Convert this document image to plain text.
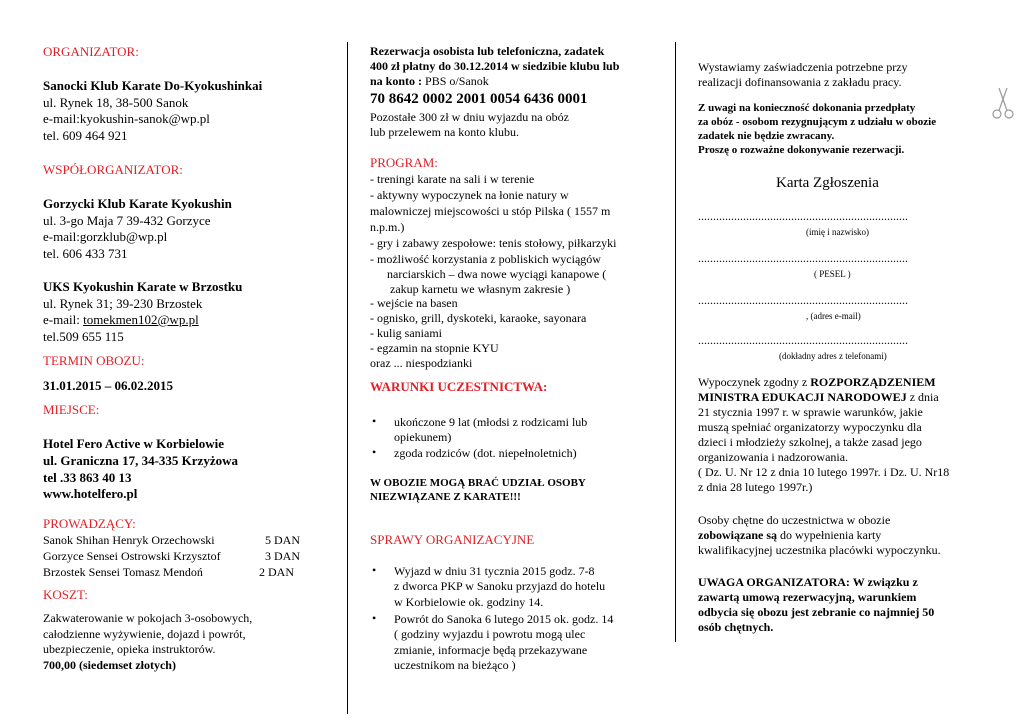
ORGANIZATOR:
Sanocki Klub Karate Do-Kyokushinkai
ul. Rynek 18, 38-500 Sanok
e-mail:kyokushin-sanok@wp.pl
tel. 609 464 921
WSPÓŁORGANIZATOR:
Gorzycki Klub Karate Kyokushin
ul. 3-go Maja 7 39-432 Gorzyce
e-mail:gorzklub@wp.pl
tel. 606 433 731
UKS Kyokushin Karate w Brzostku
ul. Rynek 31; 39-230 Brzostek
e-mail: tomekmen102@wp.pl
tel.509 655 115
TERMIN OBOZU:
31.01.2015 – 06.02.2015
MIEJSCE:
Hotel Fero Active w Korbielowie
ul. Graniczna 17, 34-335 Krzyżowa
tel .33 863 40 13
www.hotelfero.pl
PROWADZĄCY:
Sanok Shihan Henryk Orzechowski	5 DAN
Gorzyce Sensei Ostrowski Krzysztof	3 DAN
Brzostek Sensei Tomasz Mendoń	2 DAN
KOSZT:
Zakwaterowanie w pokojach 3-osobowych,
całodzienne wyżywienie, dojazd i powrót,
ubezpieczenie, opieka instruktorów.
700,00 (siedemset złotych)
Rezerwacja osobista lub telefoniczna, zadatek
400 zł płatny do 30.12.2014 w siedzibie klubu lub
na konto : PBS o/Sanok
70 8642 0002 2001 0054 6436 0001
Pozostałe 300 zł w dniu wyjazdu na obóz
lub przelewem na konto klubu.
PROGRAM:
- treningi karate na sali i w terenie
- aktywny wypoczynek na łonie natury w
malowniczej miejscowości u stóp Pilska ( 1557 m
n.p.m.)
- gry i zabawy zespołowe: tenis stołowy, piłkarzyki
- możliwość korzystania z pobliskich wyciągów
narciarskich – dwa nowe wyciągi kanapowe (
zakup karnetu we własnym zakresie )
- wejście na basen
- ognisko, grill, dyskoteki, karaoke, sayonara
- kulig saniami
- egzamin na stopnie KYU
oraz ... niespodzianki
WARUNKI UCZESTNICTWA:
• ukończone 9 lat (młodsi z rodzicami lub
opiekunem)
• zgoda rodziców (dot. niepełnoletnich)
W OBOZIE MOGĄ BRAĆ UDZIAŁ OSOBY
NIEZWIĄZANE Z KARATE!!!
SPRAWY ORGANIZACYJNE
• Wyjazd w dniu 31 tycznia 2015 godz. 7-8
z dworca PKP w Sanoku przyjazd do hotelu
w Korbielowie ok. godziny 14.
• Powrót do Sanoka 6 lutego 2015 ok. godz. 14
( godziny wyjazdu i powrotu mogą ulec
zmianie, informacje będą przekazywane
uczestnikom na bieżąco )
Wystawiamy zaświadczenia potrzebne przy
realizacji dofinansowania z zakładu pracy.
Z uwagi na konieczność dokonania przedpłaty
za obóz - osobom rezygnującym z udziału w obozie
zadatek nie będzie zwracany.
Proszę o rozważne dokonywanie rezerwacji.
Karta Zgłoszenia
......................................................................
(imię i nazwisko)
......................................................................
( PESEL )
......................................................................
, (adres e-mail)
......................................................................
(dokładny adres z telefonami)
Wypoczynek zgodny z ROZPORZĄDZENIEM
MINISTRA EDUKACJI NARODOWEJ z dnia
21 stycznia 1997 r. w sprawie warunków, jakie
muszą spełniać organizatorzy wypoczynku dla
dzieci i młodzieży szkolnej, a także zasad jego
organizowania i nadzorowania.
( Dz. U. Nr 12 z dnia 10 lutego 1997r. i Dz. U. Nr18
z dnia 28 lutego 1997r.)
Osoby chętne do uczestnictwa w obozie
zobowiązane są do wypełnienia karty
kwalifikacyjnej uczestnika placówki wypoczynku.
UWAGA ORGANIZATORA: W związku z
zawartą umową rezerwacyjną, warunkiem
odbycia się obozu jest zebranie co najmniej 50
osób chętnych.
